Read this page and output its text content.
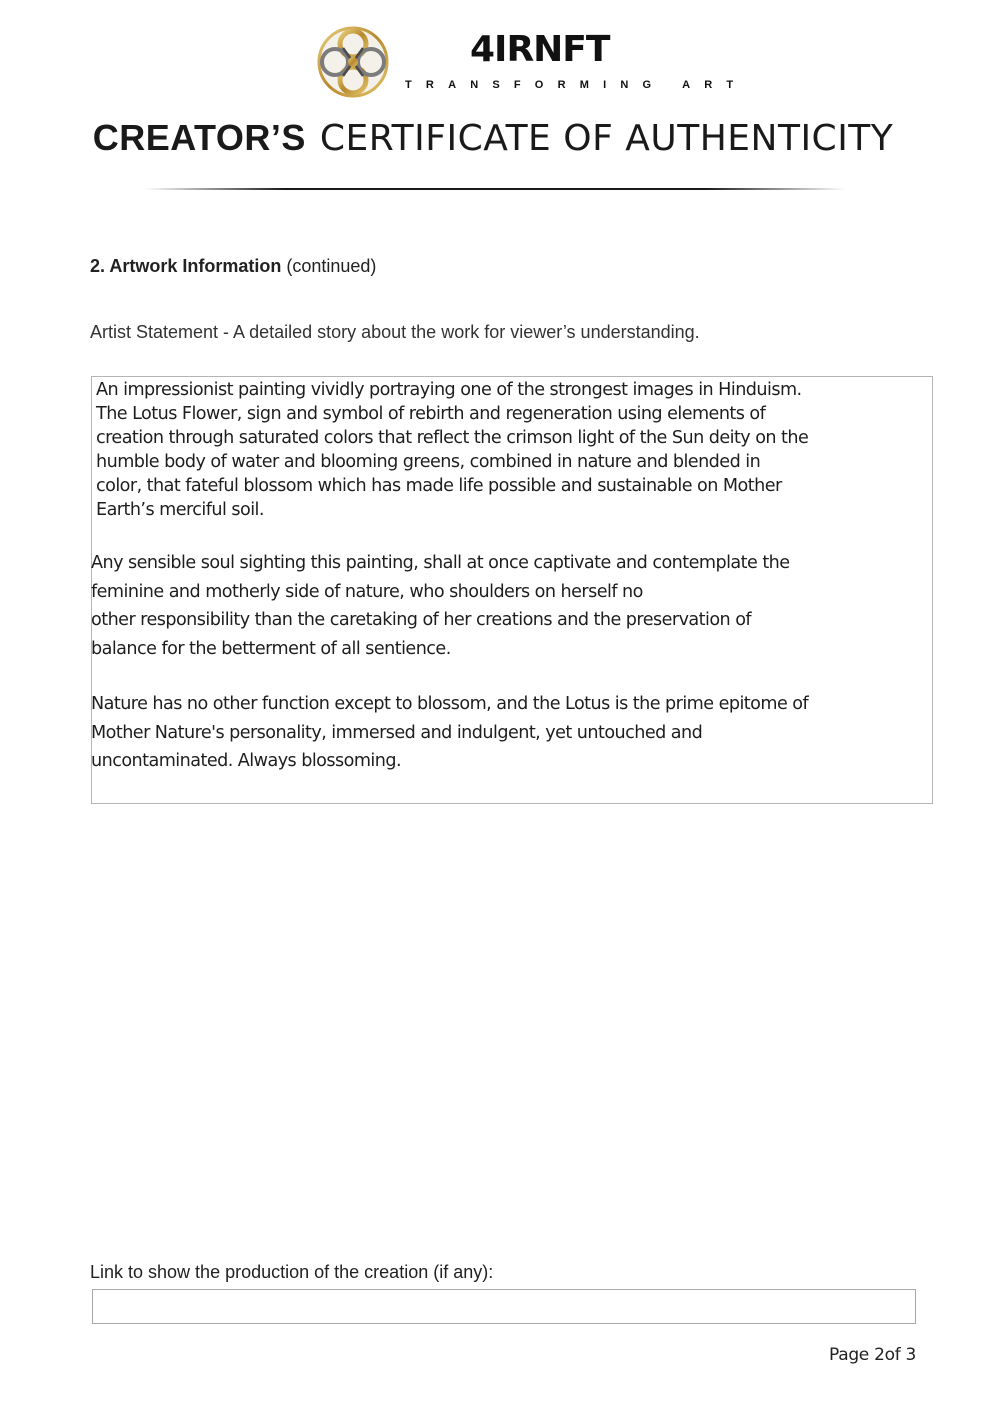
4IRNFT
TRANSFORMING ART
CREATOR’S CERTIFICATE OF AUTHENTICITY
2. Artwork Information (continued)
Artist Statement - A detailed story about the work for viewer’s understanding.
An impressionist painting vividly portraying one of the strongest images in Hinduism.
The Lotus Flower, sign and symbol of rebirth and regeneration using elements of
creation through saturated colors that reflect the crimson light of the Sun deity on the
humble body of water and blooming greens, combined in nature and blended in
color, that fateful blossom which has made life possible and sustainable on Mother
Earth’s merciful soil.
Any sensible soul sighting this painting, shall at once captivate and contemplate the
feminine and motherly side of nature, who shoulders on herself no
other responsibility than the caretaking of her creations and the preservation of
balance for the betterment of all sentience.
Nature has no other function except to blossom, and the Lotus is the prime epitome of
Mother Nature's personality, immersed and indulgent, yet untouched and
uncontaminated. Always blossoming.
Link to show the production of the creation (if any):
Page 2of 3
